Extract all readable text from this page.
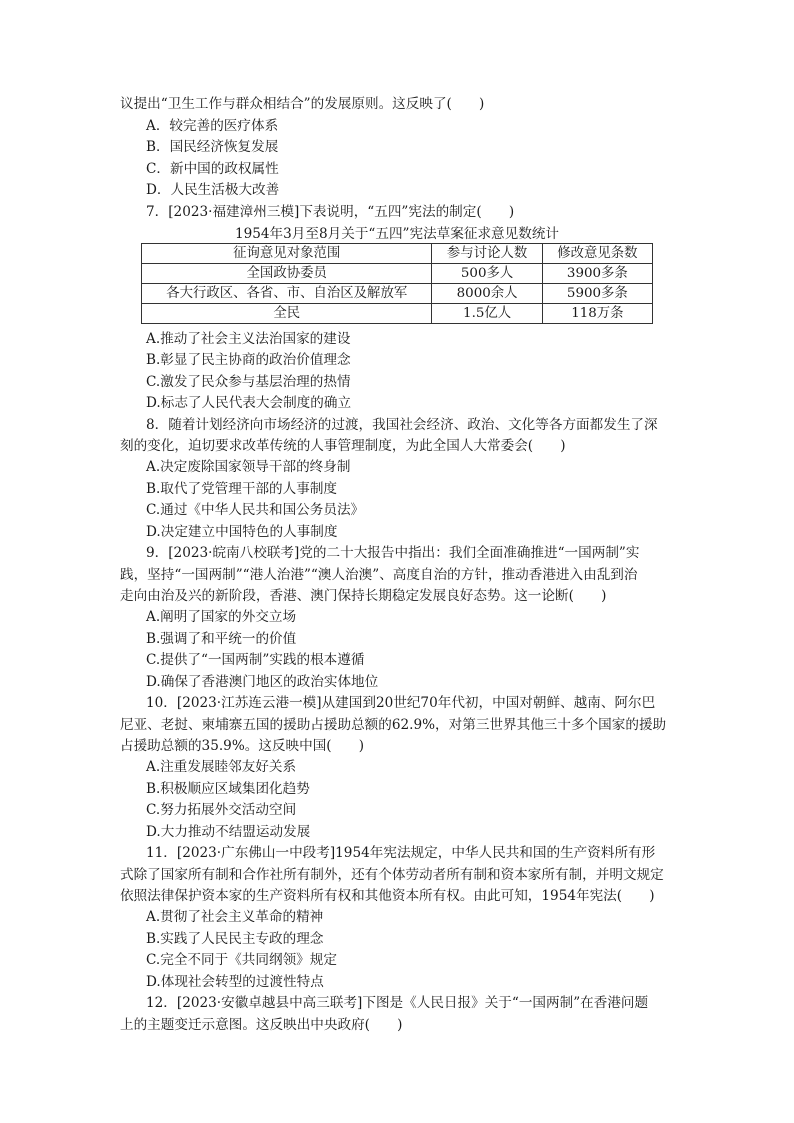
议提出“卫生工作与群众相结合”的发展原则。这反映了(　　)
A．较完善的医疗体系
B．国民经济恢复发展
C．新中国的政权属性
D．人民生活极大改善
7．[2023·福建漳州三模]下表说明，“五四”宪法的制定(　　)
1954年3月至8月关于“五四”宪法草案征求意见数统计
征询意见对象范围	参与讨论人数	修改意见条数
全国政协委员	500多人	3900多条
各大行政区、各省、市、自治区及解放军	8000余人	5900多条
全民	1.5亿人	118万条
A.推动了社会主义法治国家的建设
B.彰显了民主协商的政治价值理念
C.激发了民众参与基层治理的热情
D.标志了人民代表大会制度的确立
8．随着计划经济向市场经济的过渡，我国社会经济、政治、文化等各方面都发生了深
刻的变化，迫切要求改革传统的人事管理制度，为此全国人大常委会(　　)
A.决定废除国家领导干部的终身制
B.取代了党管理干部的人事制度
C.通过《中华人民共和国公务员法》
D.决定建立中国特色的人事制度
9．[2023·皖南八校联考]党的二十大报告中指出：我们全面准确推进“一国两制”实
践，坚持“一国两制”“港人治港”“澳人治澳”、高度自治的方针，推动香港进入由乱到治
走向由治及兴的新阶段，香港、澳门保持长期稳定发展良好态势。这一论断(　　)
A.阐明了国家的外交立场
B.强调了和平统一的价值
C.提供了“一国两制”实践的根本遵循
D.确保了香港澳门地区的政治实体地位
10．[2023·江苏连云港一模]从建国到20世纪70年代初，中国对朝鲜、越南、阿尔巴
尼亚、老挝、柬埔寨五国的援助占援助总额的62.9%，对第三世界其他三十多个国家的援助
占援助总额的35.9%。这反映中国(　　)
A.注重发展睦邻友好关系
B.积极顺应区域集团化趋势
C.努力拓展外交活动空间
D.大力推动不结盟运动发展
11．[2023·广东佛山一中段考]1954年宪法规定，中华人民共和国的生产资料所有形
式除了国家所有制和合作社所有制外，还有个体劳动者所有制和资本家所有制，并明文规定
依照法律保护资本家的生产资料所有权和其他资本所有权。由此可知，1954年宪法(　　)
A.贯彻了社会主义革命的精神
B.实践了人民民主专政的理念
C.完全不同于《共同纲领》规定
D.体现社会转型的过渡性特点
12．[2023·安徽卓越县中高三联考]下图是《人民日报》关于“一国两制”在香港问题
上的主题变迁示意图。这反映出中央政府(　　)
